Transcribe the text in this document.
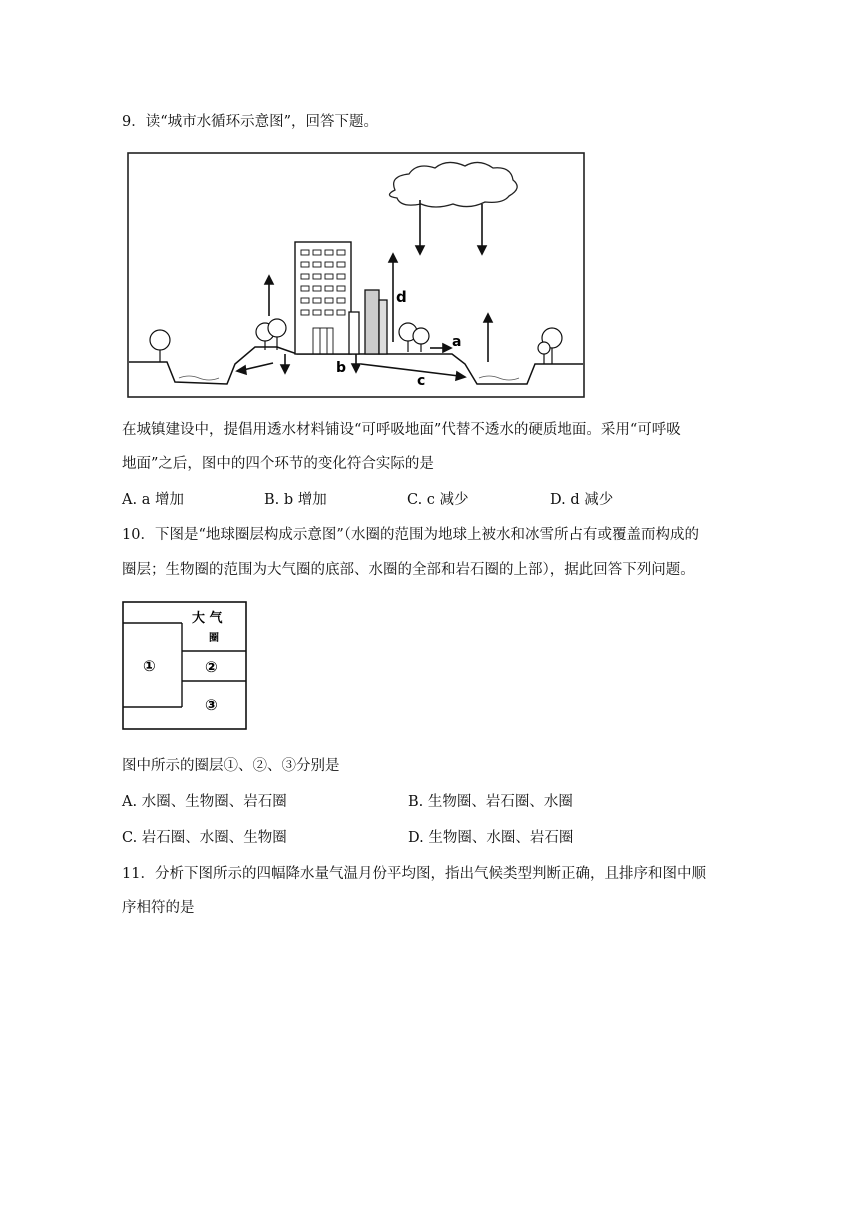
9．读“城市水循环示意图”，回答下题。
d
a
b
c
在城镇建设中，提倡用透水材料铺设“可呼吸地面”代替不透水的硬质地面。采用“可呼吸
地面”之后，图中的四个环节的变化符合实际的是
A. a 增加	B. b 增加	C. c 减少	D. d 减少
10．下图是“地球圈层构成示意图”（水圈的范围为地球上被水和冰雪所占有或覆盖而构成的
圈层；生物圈的范围为大气圈的底部、水圈的全部和岩石圈的上部），据此回答下列问题。
大 气
圈
①	②
③
图中所示的圈层①、②、③分别是
A. 水圈、生物圈、岩石圈	B. 生物圈、岩石圈、水圈
C. 岩石圈、水圈、生物圈	D. 生物圈、水圈、岩石圈
11．分析下图所示的四幅降水量气温月份平均图，指出气候类型判断正确，且排序和图中顺
序相符的是
